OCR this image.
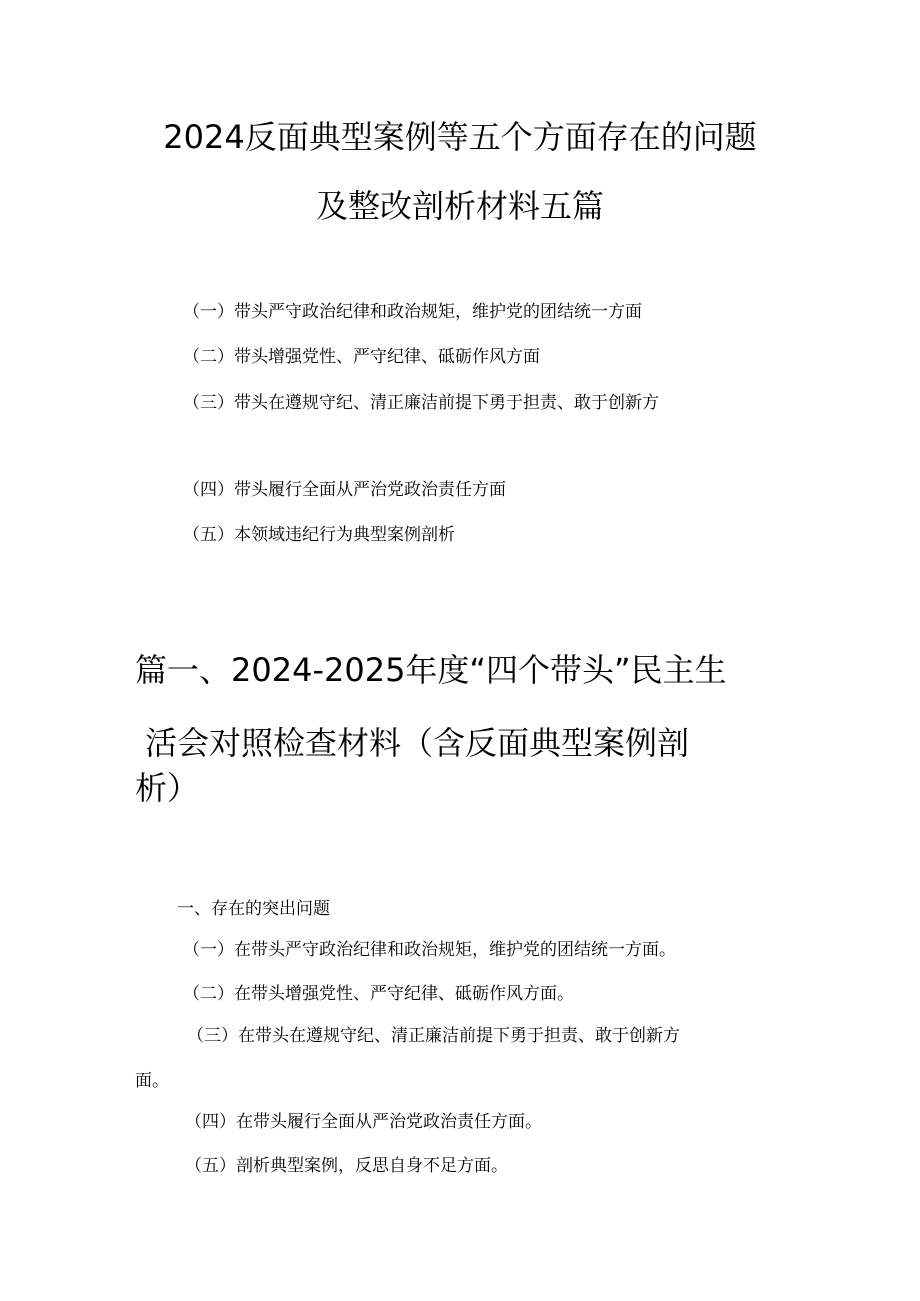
2024反面典型案例等五个方面存在的问题
及整改剖析材料五篇
（一）带头严守政治纪律和政治规矩，维护党的团结统一方面
（二）带头增强党性、严守纪律、砥砺作风方面
（三）带头在遵规守纪、清正廉洁前提下勇于担责、敢于创新方
（四）带头履行全面从严治党政治责任方面
（五）本领域违纪行为典型案例剖析
篇一、2024-2025年度“四个带头”民主生
活会对照检查材料（含反面典型案例剖
析）
一、存在的突出问题
（一）在带头严守政治纪律和政治规矩，维护党的团结统一方面。
（二）在带头增强党性、严守纪律、砥砺作风方面。
（三）在带头在遵规守纪、清正廉洁前提下勇于担责、敢于创新方
面。
（四）在带头履行全面从严治党政治责任方面。
（五）剖析典型案例，反思自身不足方面。
